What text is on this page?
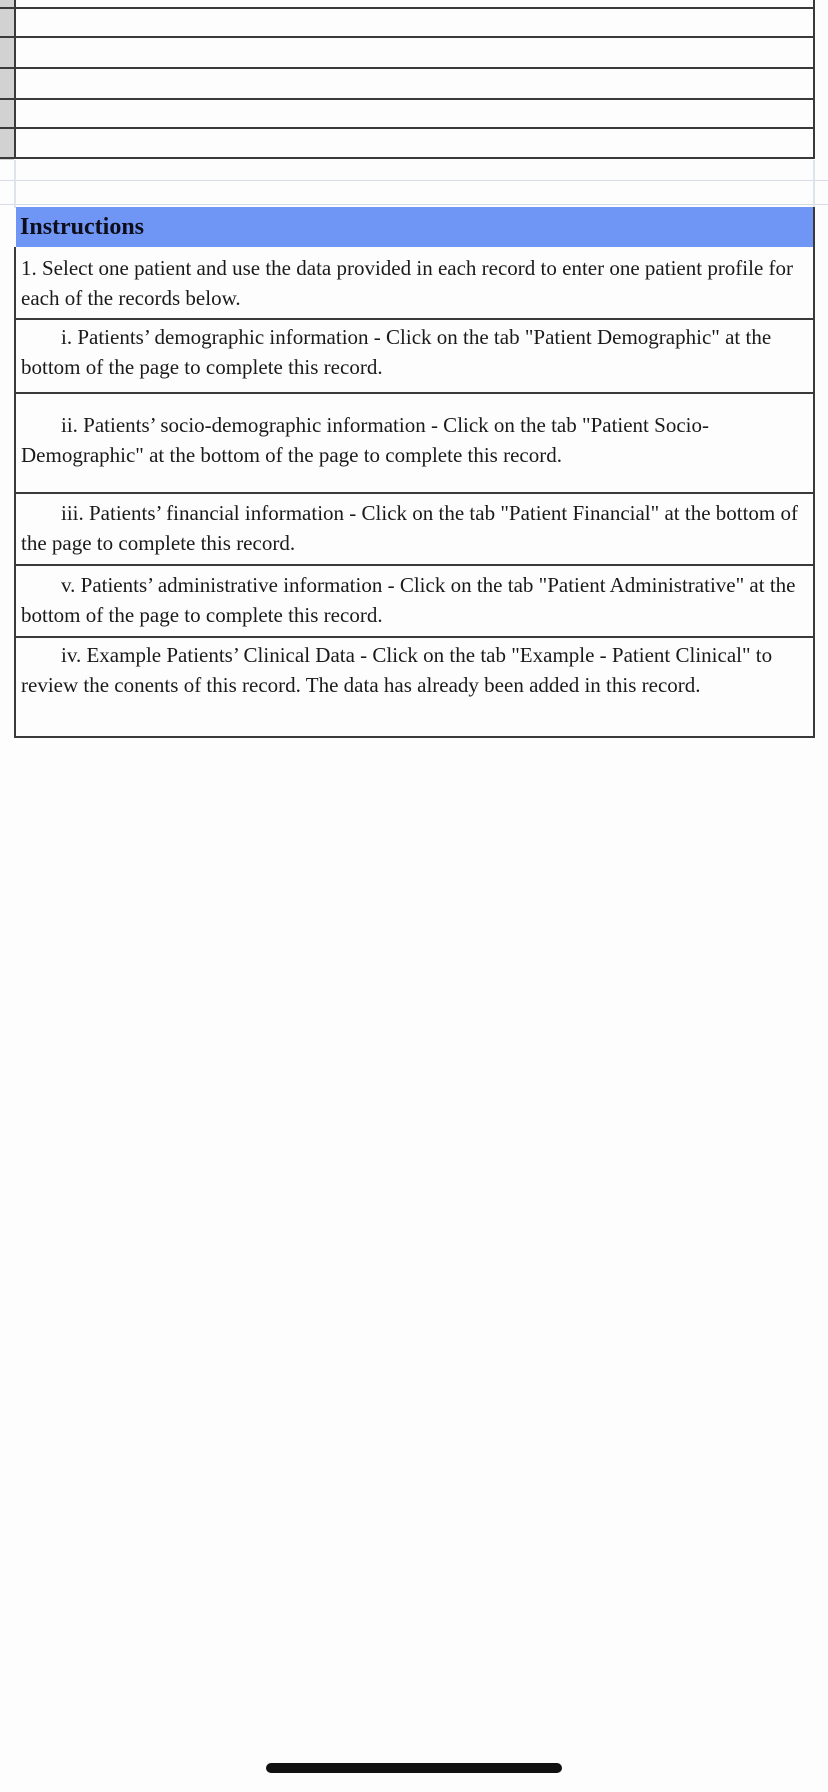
Instructions
1. Select one patient and use the data provided in each record to enter one patient profile for each of the records below.
i. Patients’ demographic information - Click on the tab "Patient Demographic" at the bottom of the page to complete this record.
ii. Patients’ socio-demographic information - Click on the tab "Patient Socio-Demographic" at the bottom of the page to complete this record.
iii. Patients’ financial information - Click on the tab "Patient Financial" at the bottom of the page to complete this record.
v. Patients’ administrative information - Click on the tab "Patient Administrative" at the bottom of the page to complete this record.
iv. Example Patients’ Clinical Data - Click on the tab "Example - Patient Clinical" to review the conents of this record. The data has already been added in this record.
